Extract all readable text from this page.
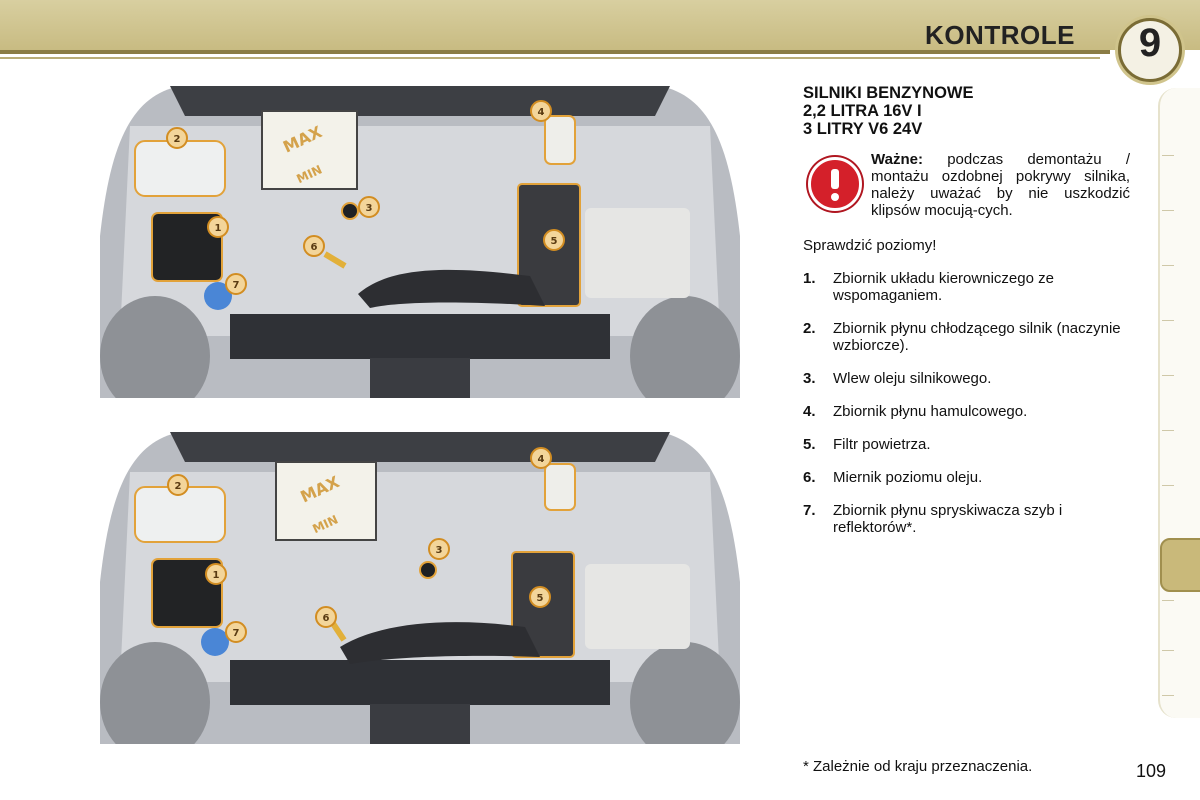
KONTROLE	9
MAX
MIN
1
2
3
4
5
6
7
MAX
MIN
1
2
3
4
5
6
7
SILNIKI BENZYNOWE
2,2 LITRA 16V I
3 LITRY V6 24V
Ważne: podczas demontażu / montażu ozdobnej pokrywy silnika, należy uważać by nie uszkodzić klipsów mocują-cych.
Sprawdzić poziomy!
1. Zbiornik układu kierowniczego ze wspomaganiem.
2. Zbiornik płynu chłodzącego silnik (naczynie wzbiorcze).
3. Wlew oleju silnikowego.
4. Zbiornik płynu hamulcowego.
5. Filtr powietrza.
6. Miernik poziomu oleju.
7. Zbiornik płynu spryskiwacza szyb i reflektorów*.
* Zależnie od kraju przeznaczenia.	109
